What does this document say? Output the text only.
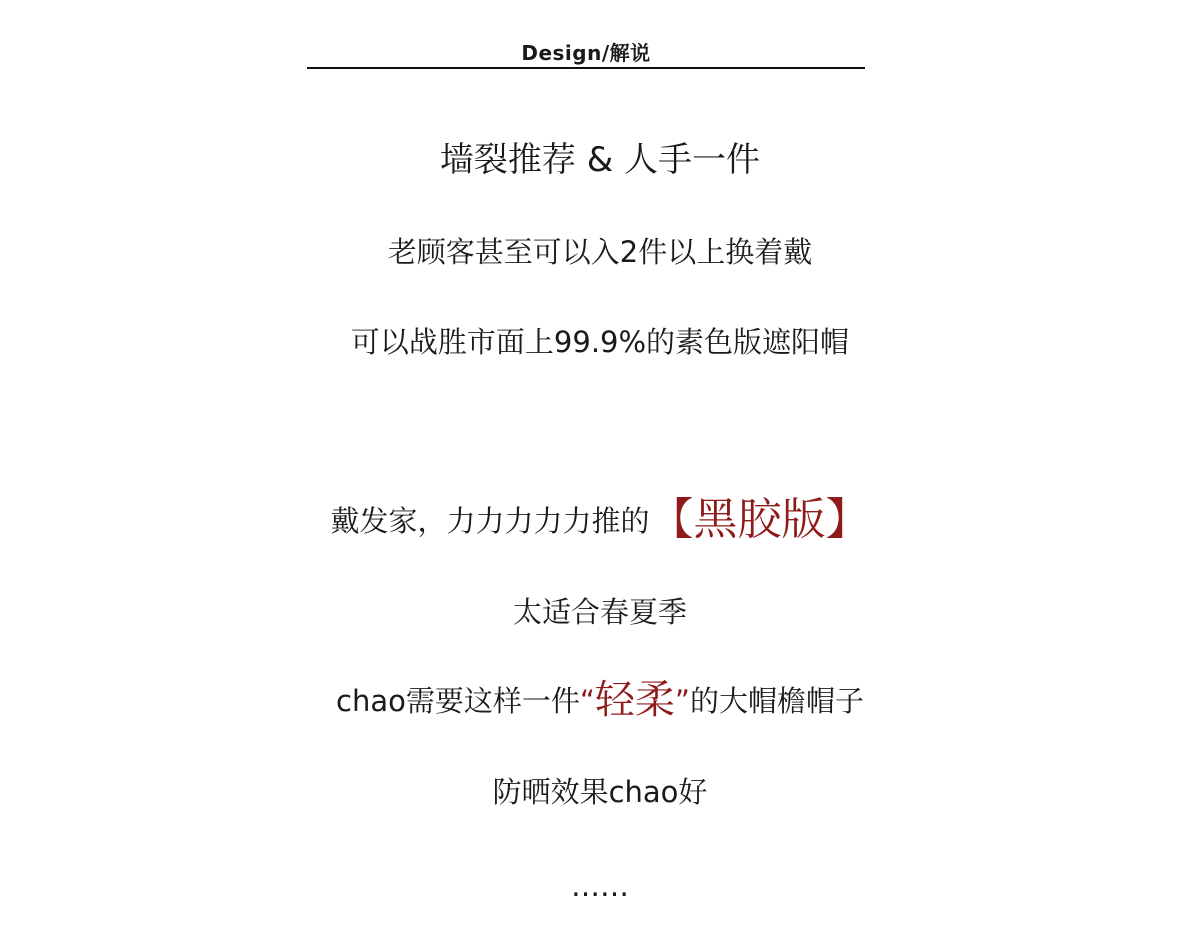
Design/解说
墙裂推荐 & 人手一件
老顾客甚至可以入2件以上换着戴
可以战胜市面上99.9%的素色版遮阳帽
戴发家，力力力力力推的【黑胶版】
太适合春夏季
chao需要这样一件“轻柔”的大帽檐帽子
防晒效果chao好
……
